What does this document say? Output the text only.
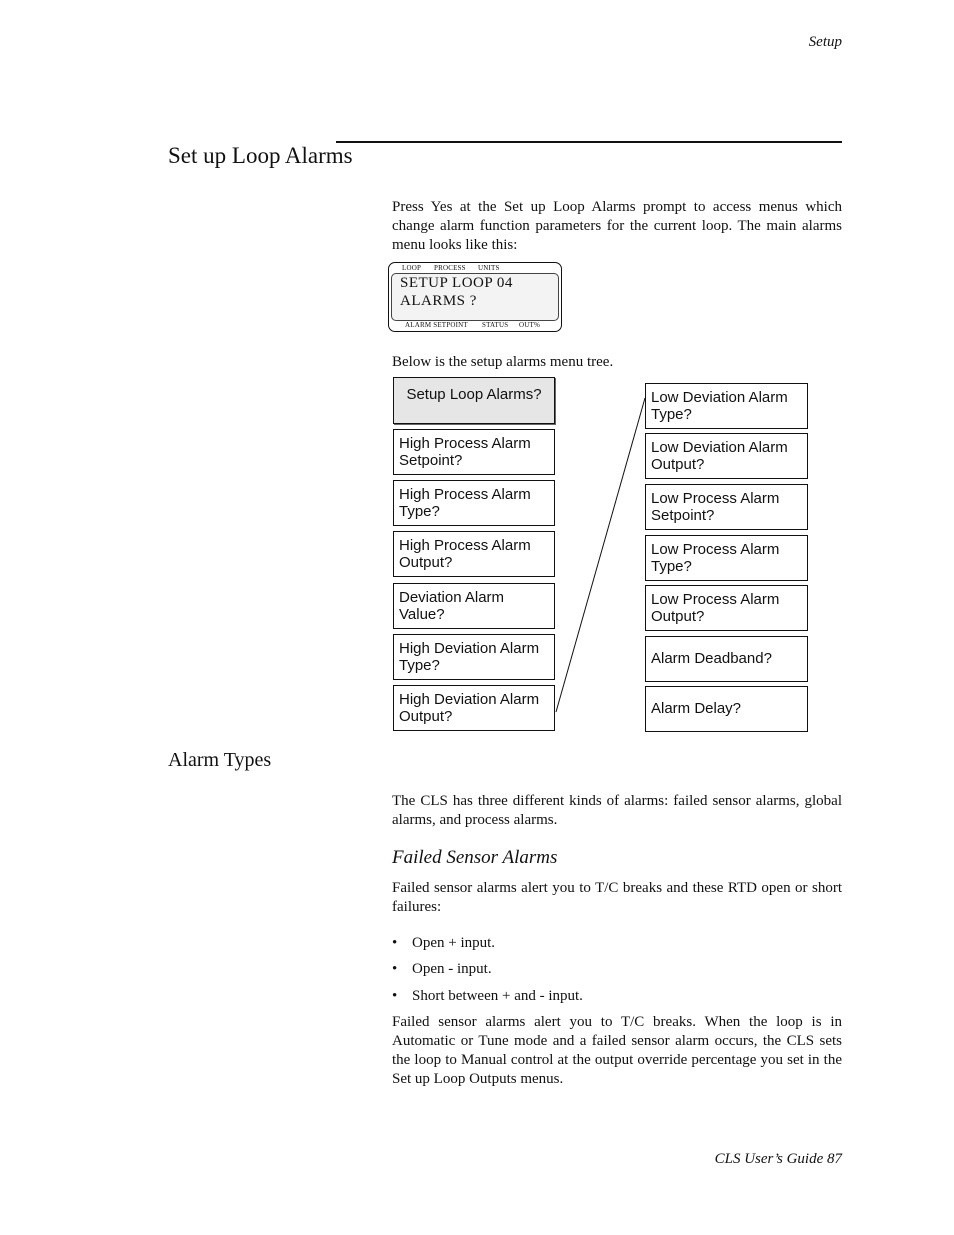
Setup
Set up Loop Alarms
Press Yes at the Set up Loop Alarms prompt to access menus which change alarm function parameters for the current loop. The main alarms menu looks like this:
LOOP PROCESS UNITS
SETUP LOOP 04
ALARMS ?
ALARM SETPOINT STATUS OUT%
Below is the setup alarms menu tree.
Setup Loop Alarms?
High Process Alarm Setpoint?
High Process Alarm Type?
High Process Alarm Output?
Deviation Alarm Value?
High Deviation Alarm Type?
High Deviation Alarm Output?
Low Deviation Alarm Type?
Low Deviation Alarm Output?
Low Process Alarm Setpoint?
Low Process Alarm Type?
Low Process Alarm Output?
Alarm Deadband?
Alarm Delay?
Alarm Types
The CLS has three different kinds of alarms: failed sensor alarms, global alarms, and process alarms.
Failed Sensor Alarms
Failed sensor alarms alert you to T/C breaks and these RTD open or short failures:
• Open + input.
• Open - input.
• Short between + and - input.
Failed sensor alarms alert you to T/C breaks. When the loop is in Automatic or Tune mode and a failed sensor alarm occurs, the CLS sets the loop to Manual control at the output override percentage you set in the Set up Loop Outputs menus.
CLS User’s Guide 87
